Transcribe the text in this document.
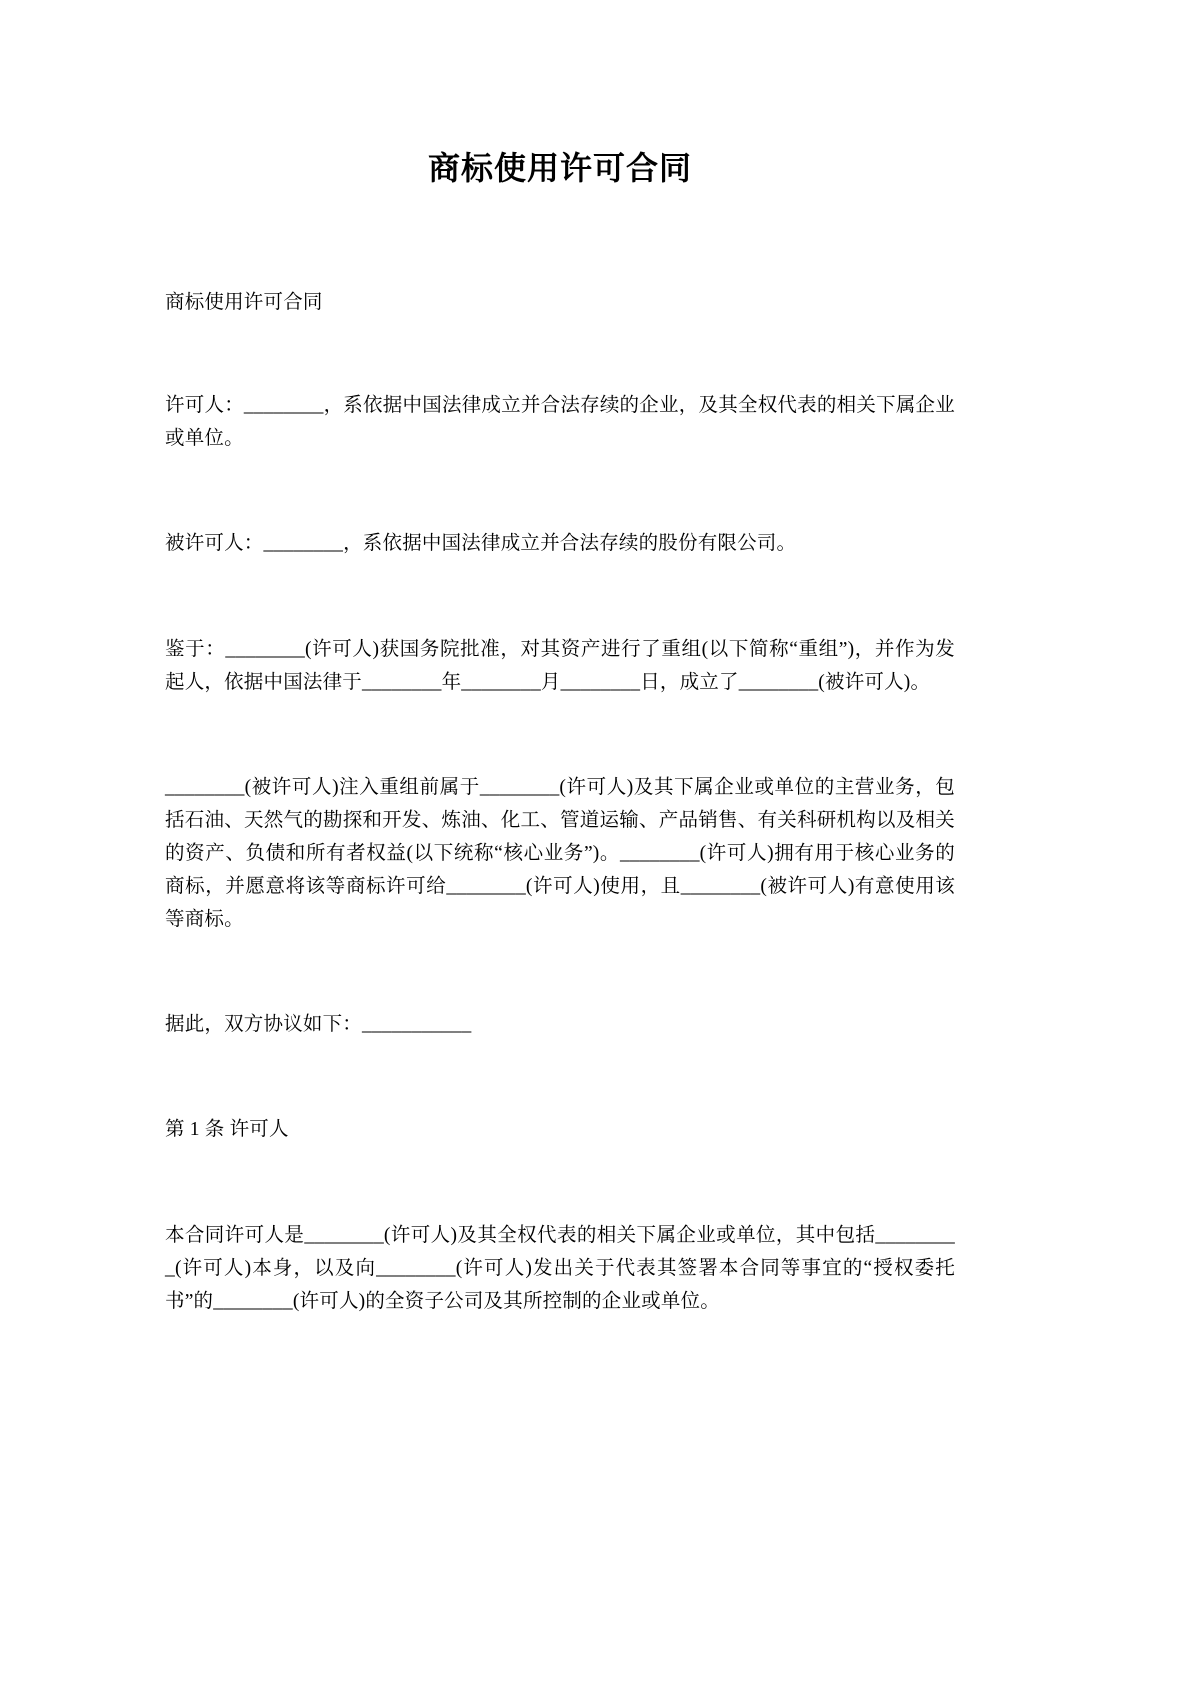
商标使用许可合同

商标使用许可合同

许可人：________，系依据中国法律成立并合法存续的企业，及其全权代表的相关下属企业或单位。

被许可人：________，系依据中国法律成立并合法存续的股份有限公司。

鉴于：________(许可人)获国务院批准，对其资产进行了重组(以下简称“重组”)，并作为发起人，依据中国法律于________年________月________日，成立了________(被许可人)。

________(被许可人)注入重组前属于________(许可人)及其下属企业或单位的主营业务，包括石油、天然气的勘探和开发、炼油、化工、管道运输、产品销售、有关科研机构以及相关的资产、负债和所有者权益(以下统称“核心业务”)。________(许可人)拥有用于核心业务的商标，并愿意将该等商标许可给________(许可人)使用，且________(被许可人)有意使用该等商标。

据此，双方协议如下：___________

第 1 条 许可人

本合同许可人是________(许可人)及其全权代表的相关下属企业或单位，其中包括_________(许可人)本身，以及向________(许可人)发出关于代表其签署本合同等事宜的“授权委托书”的________(许可人)的全资子公司及其所控制的企业或单位。
